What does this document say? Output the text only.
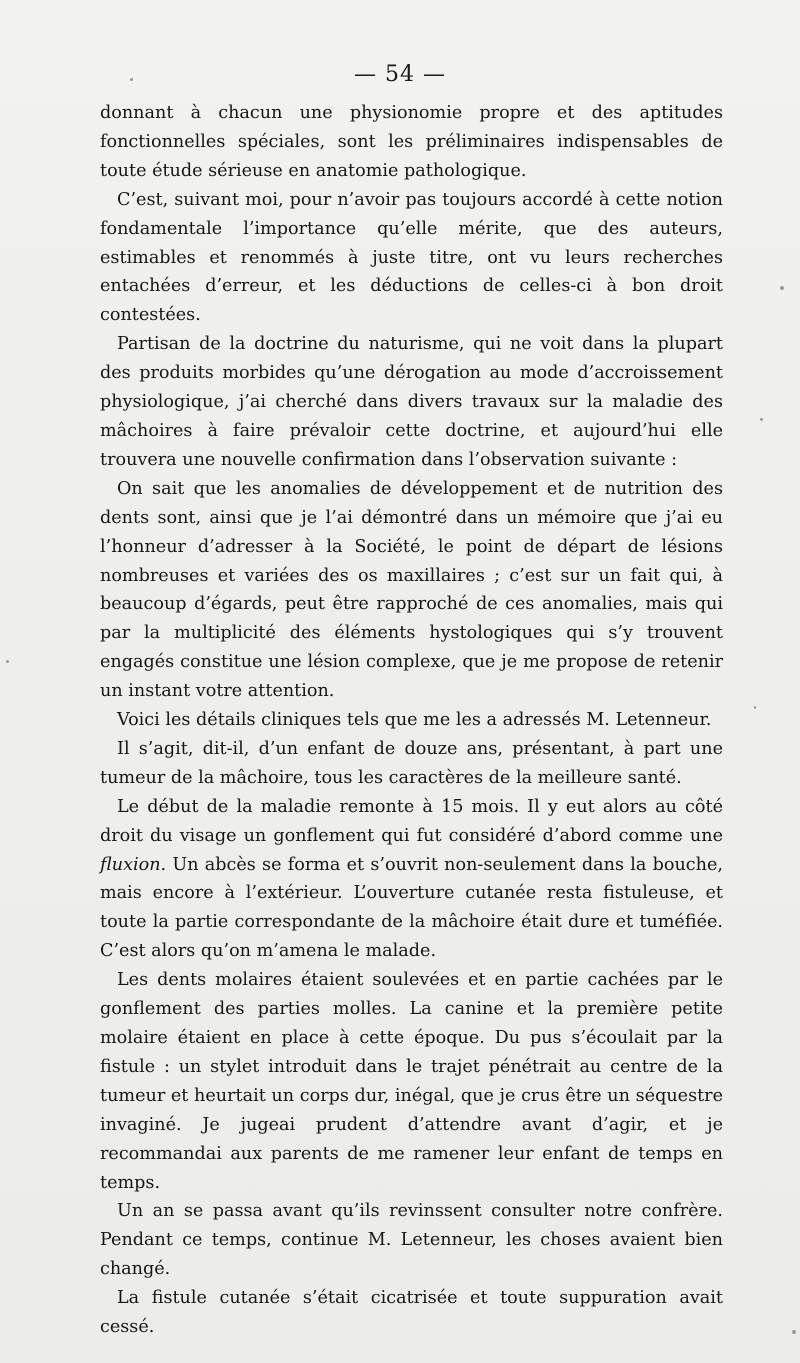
— 54 —

donnant à chacun une physionomie propre et des aptitudes fonctionnelles spéciales, sont les préliminaires indispensables de toute étude sérieuse en anatomie pathologique.

C’est, suivant moi, pour n’avoir pas toujours accordé à cette notion fondamentale l’importance qu’elle mérite, que des auteurs, estimables et renommés à juste titre, ont vu leurs recherches entachées d’erreur, et les déductions de celles-ci à bon droit contestées.

Partisan de la doctrine du naturisme, qui ne voit dans la plupart des produits morbides qu’une dérogation au mode d’accroissement physiologique, j’ai cherché dans divers travaux sur la maladie des mâchoires à faire prévaloir cette doctrine, et aujourd’hui elle trouvera une nouvelle confirmation dans l’observation suivante :

On sait que les anomalies de développement et de nutrition des dents sont, ainsi que je l’ai démontré dans un mémoire que j’ai eu l’honneur d’adresser à la Société, le point de départ de lésions nombreuses et variées des os maxillaires ; c’est sur un fait qui, à beaucoup d’égards, peut être rapproché de ces anomalies, mais qui par la multiplicité des éléments hystologiques qui s’y trouvent engagés constitue une lésion complexe, que je me propose de retenir un instant votre attention.

Voici les détails cliniques tels que me les a adressés M. Letenneur.

Il s’agit, dit-il, d’un enfant de douze ans, présentant, à part une tumeur de la mâchoire, tous les caractères de la meilleure santé.

Le début de la maladie remonte à 15 mois. Il y eut alors au côté droit du visage un gonflement qui fut considéré d’abord comme une fluxion. Un abcès se forma et s’ouvrit non-seulement dans la bouche, mais encore à l’extérieur. L’ouverture cutanée resta fistuleuse, et toute la partie correspondante de la mâchoire était dure et tuméfiée. C’est alors qu’on m’amena le malade.

Les dents molaires étaient soulevées et en partie cachées par le gonflement des parties molles. La canine et la première petite molaire étaient en place à cette époque. Du pus s’écoulait par la fistule : un stylet introduit dans le trajet pénétrait au centre de la tumeur et heurtait un corps dur, inégal, que je crus être un séquestre invaginé. Je jugeai prudent d’attendre avant d’agir, et je recommandai aux parents de me ramener leur enfant de temps en temps.

Un an se passa avant qu’ils revinssent consulter notre confrère. Pendant ce temps, continue M. Letenneur, les choses avaient bien changé.

La fistule cutanée s’était cicatrisée et toute suppuration avait cessé.
